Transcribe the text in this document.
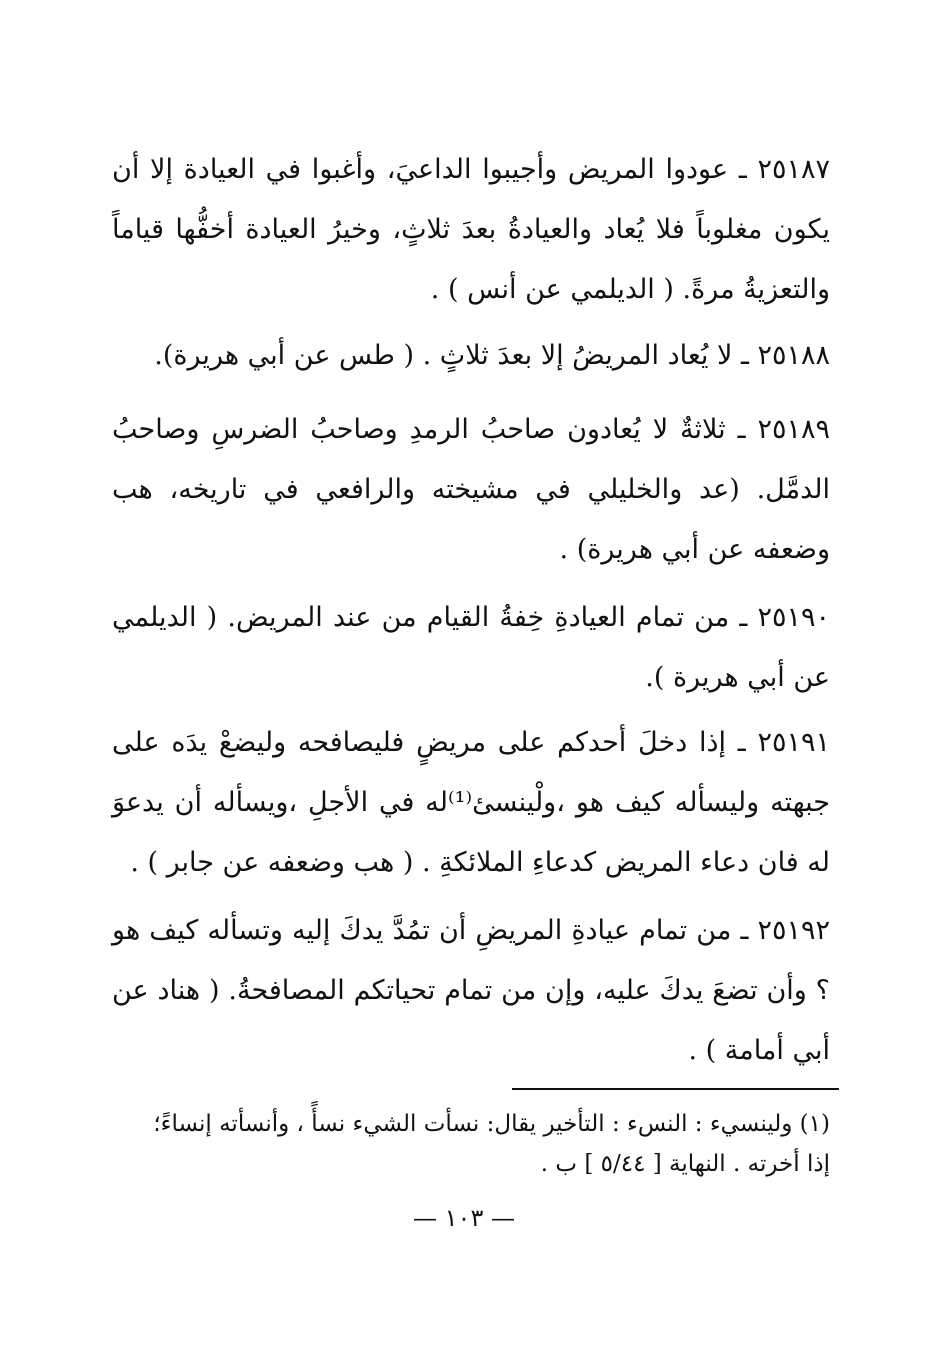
٢٥١٨٧ ـ عودوا المريض وأجيبوا الداعيَ، وأغبوا في العيادة إلا أن يكون مغلوباً فلا يُعاد والعيادةُ بعدَ ثلاثٍ، وخيرُ العيادة أخفُّها قياماً والتعزيةُ مرةً. ( الديلمي عن أنس ) .

٢٥١٨٨ ـ لا يُعاد المريضُ إلا بعدَ ثلاثٍ . ( طس عن أبي هريرة).

٢٥١٨٩ ـ ثلاثةٌ لا يُعادون صاحبُ الرمدِ وصاحبُ الضرسِ وصاحبُ الدمَّل. (عد والخليلي في مشيخته والرافعي في تاريخه، هب وضعفه عن أبي هريرة) .

٢٥١٩٠ ـ من تمام العيادةِ خِفةُ القيام من عند المريض. ( الديلمي عن أبي هريرة ).

٢٥١٩١ ـ إذا دخلَ أحدكم على مريضٍ فليصافحه وليضعْ يدَه على جبهته وليسأله كيف هو ،ولْينسئ⁽¹⁾له في الأجلِ ،ويسأله أن يدعوَ له فان دعاء المريض كدعاءِ الملائكةِ . ( هب وضعفه عن جابر ) .

٢٥١٩٢ ـ من تمام عيادةِ المريضِ أن تمُدَّ يدكَ إليه وتسأله كيف هو ؟ وأن تضعَ يدكَ عليه، وإن من تمام تحياتكم المصافحةُ. ( هناد عن أبي أمامة ) .

(١) ولينسيء : النسء : التأخير يقال: نسأت الشيء نسأً ، وأنسأته إنساءً؛
إذا أخرته . النهاية [ ٥/٤٤ ] ب .

— ١٠٣ —
